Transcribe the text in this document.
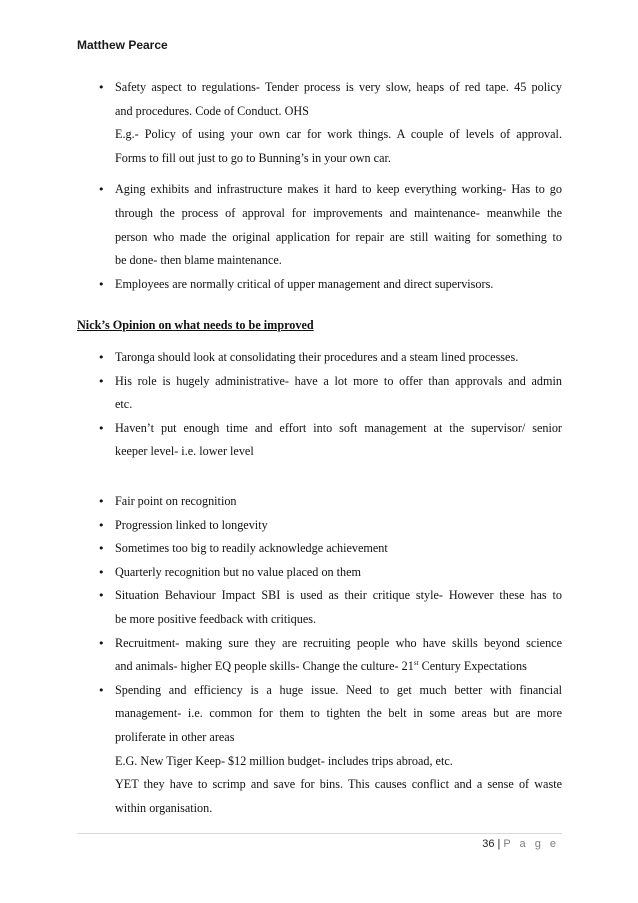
Matthew Pearce
• Safety aspect to regulations- Tender process is very slow, heaps of red tape. 45 policy
and procedures. Code of Conduct. OHS
E.g.- Policy of using your own car for work things. A couple of levels of approval.
Forms to fill out just to go to Bunning’s in your own car.
• Aging exhibits and infrastructure makes it hard to keep everything working- Has to go
through the process of approval for improvements and maintenance- meanwhile the
person who made the original application for repair are still waiting for something to
be done- then blame maintenance.
• Employees are normally critical of upper management and direct supervisors.
Nick’s Opinion on what needs to be improved
• Taronga should look at consolidating their procedures and a steam lined processes.
• His role is hugely administrative- have a lot more to offer than approvals and admin
etc.
• Haven’t put enough time and effort into soft management at the supervisor/ senior
keeper level- i.e. lower level
• Fair point on recognition
• Progression linked to longevity
• Sometimes too big to readily acknowledge achievement
• Quarterly recognition but no value placed on them
• Situation Behaviour Impact SBI is used as their critique style- However these has to
be more positive feedback with critiques.
• Recruitment- making sure they are recruiting people who have skills beyond science
and animals- higher EQ people skills- Change the culture- 21st Century Expectations
• Spending and efficiency is a huge issue. Need to get much better with financial
management- i.e. common for them to tighten the belt in some areas but are more
proliferate in other areas
E.G. New Tiger Keep- $12 million budget- includes trips abroad, etc.
YET they have to scrimp and save for bins. This causes conflict and a sense of waste
within organisation.
36 | P a g e
